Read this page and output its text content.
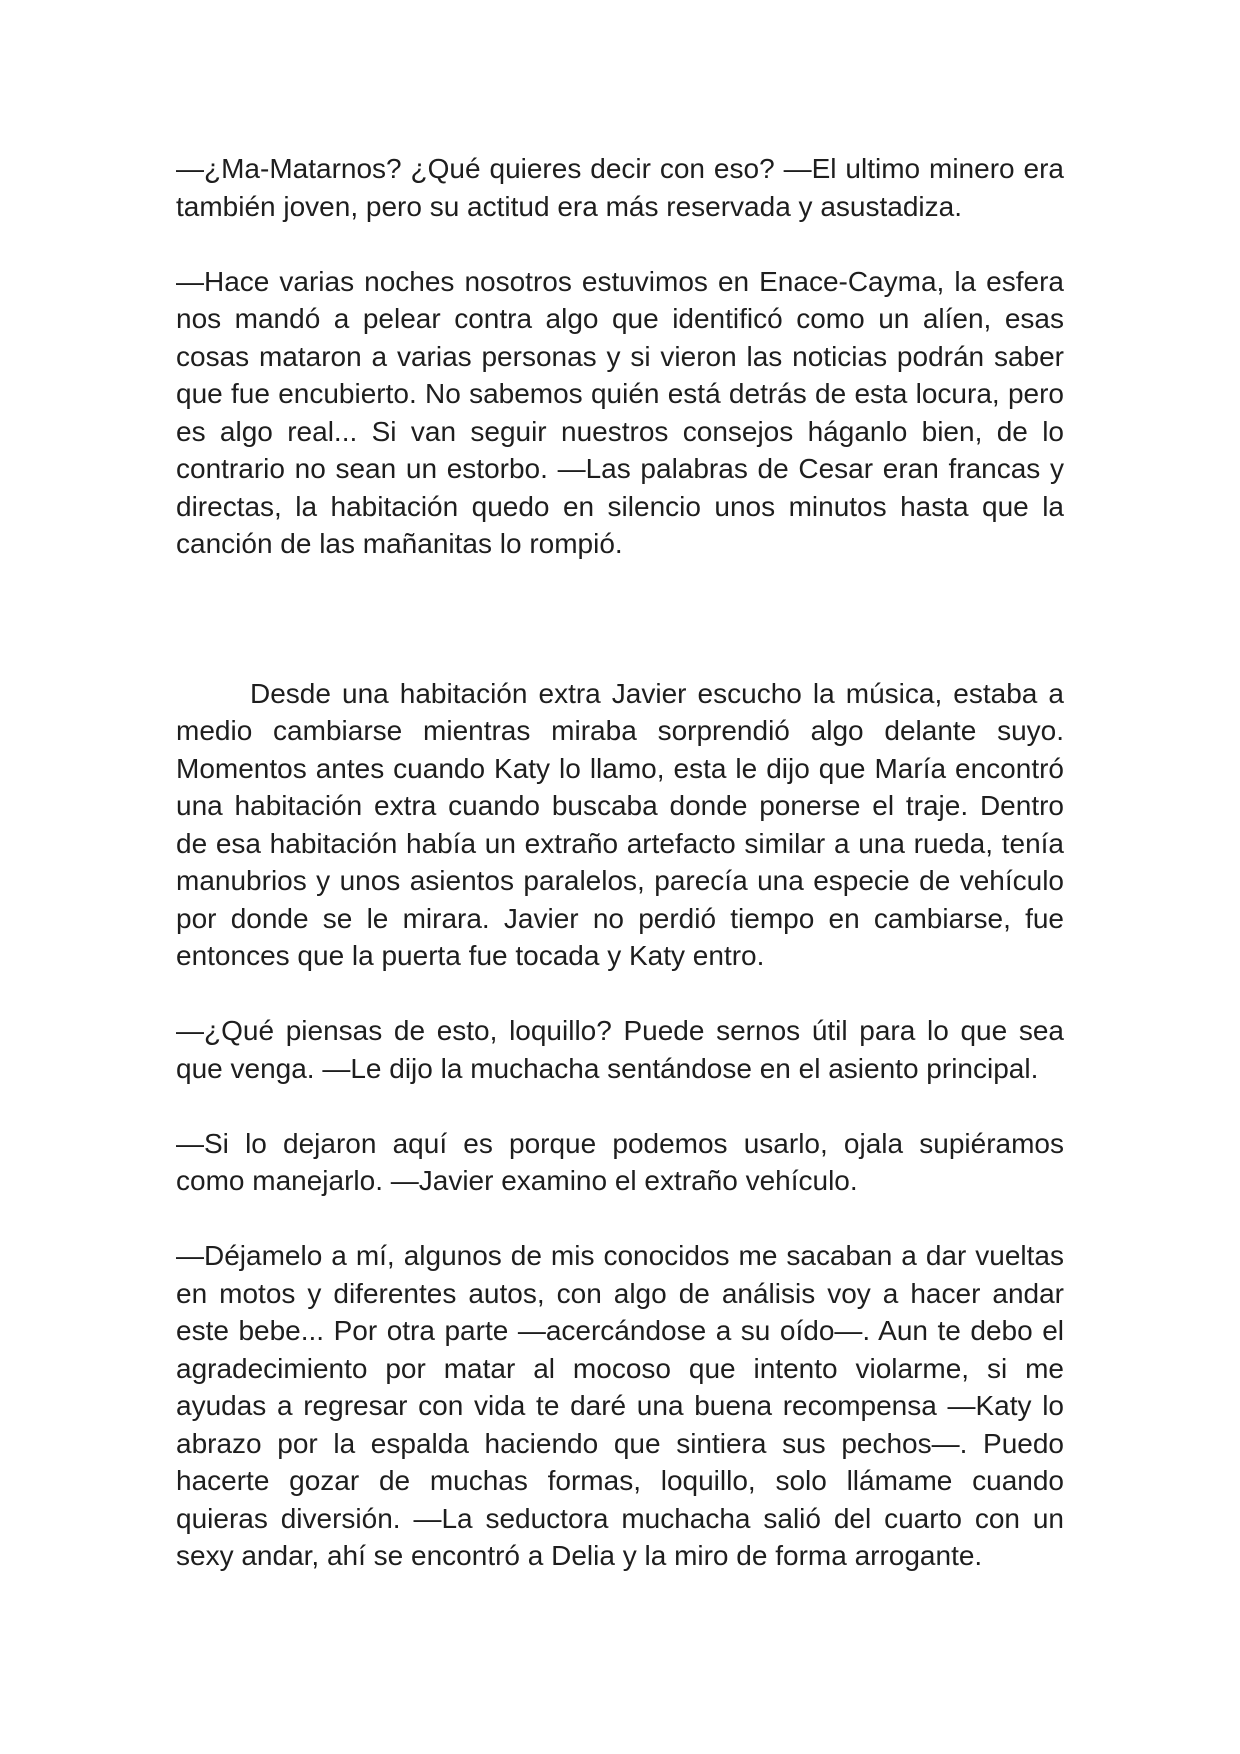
—¿Ma-Matarnos? ¿Qué quieres decir con eso? —El ultimo minero era también joven, pero su actitud era más reservada y asustadiza.

—Hace varias noches nosotros estuvimos en Enace-Cayma, la esfera nos mandó a pelear contra algo que identificó como un alíen, esas cosas mataron a varias personas y si vieron las noticias podrán saber que fue encubierto. No sabemos quién está detrás de esta locura, pero es algo real... Si van seguir nuestros consejos háganlo bien, de lo contrario no sean un estorbo. —Las palabras de Cesar eran francas y directas, la habitación quedo en silencio unos minutos hasta que la canción de las mañanitas lo rompió.

Desde una habitación extra Javier escucho la música, estaba a medio cambiarse mientras miraba sorprendió algo delante suyo. Momentos antes cuando Katy lo llamo, esta le dijo que María encontró una habitación extra cuando buscaba donde ponerse el traje. Dentro de esa habitación había un extraño artefacto similar a una rueda, tenía manubrios y unos asientos paralelos, parecía una especie de vehículo por donde se le mirara. Javier no perdió tiempo en cambiarse, fue entonces que la puerta fue tocada y Katy entro.

—¿Qué piensas de esto, loquillo? Puede sernos útil para lo que sea que venga. —Le dijo la muchacha sentándose en el asiento principal.

—Si lo dejaron aquí es porque podemos usarlo, ojala supiéramos como manejarlo. —Javier examino el extraño vehículo.

—Déjamelo a mí, algunos de mis conocidos me sacaban a dar vueltas en motos y diferentes autos, con algo de análisis voy a hacer andar este bebe... Por otra parte —acercándose a su oído—. Aun te debo el agradecimiento por matar al mocoso que intento violarme, si me ayudas a regresar con vida te daré una buena recompensa —Katy lo abrazo por la espalda haciendo que sintiera sus pechos—. Puedo hacerte gozar de muchas formas, loquillo, solo llámame cuando quieras diversión. —La seductora muchacha salió del cuarto con un sexy andar, ahí se encontró a Delia y la miro de forma arrogante.
